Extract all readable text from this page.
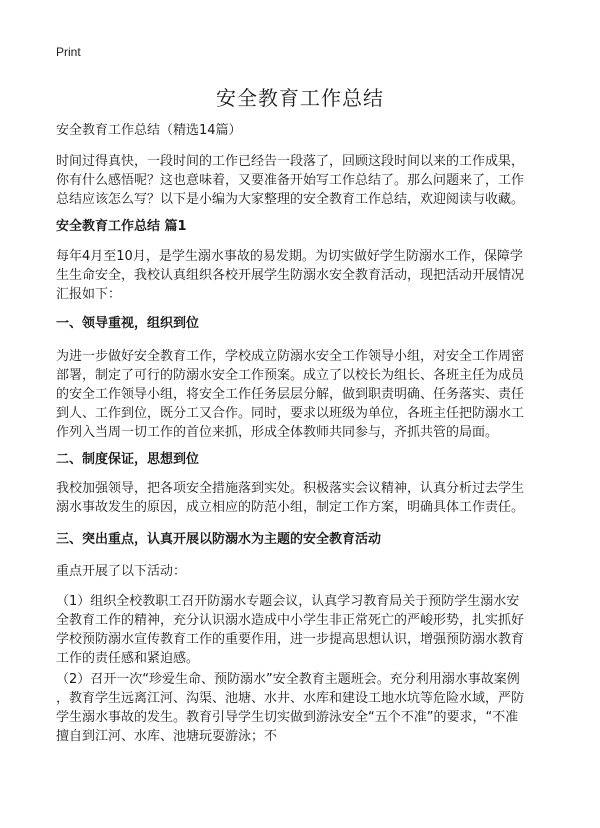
Print
安全教育工作总结

安全教育工作总结（精选14篇）

时间过得真快，一段时间的工作已经告一段落了，回顾这段时间以来的工作成果，

你有什么感悟呢？这也意味着，又要准备开始写工作总结了。那么问题来了，工作

总结应该怎么写？以下是小编为大家整理的安全教育工作总结，欢迎阅读与收藏。

安全教育工作总结 篇1

每年4月至10月，是学生溺水事故的易发期。为切实做好学生防溺水工作，保障学

生生命安全，我校认真组织各校开展学生防溺水安全教育活动，现把活动开展情况

汇报如下：

一、领导重视，组织到位

为进一步做好安全教育工作，学校成立防溺水安全工作领导小组，对安全工作周密

部署，制定了可行的防溺水安全工作预案。成立了以校长为组长、各班主任为成员

的安全工作领导小组，将安全工作任务层层分解，做到职责明确、任务落实、责任

到人、工作到位，既分工又合作。同时，要求以班级为单位，各班主任把防溺水工

作列入当周一切工作的首位来抓，形成全体教师共同参与，齐抓共管的局面。

二、制度保证，思想到位

我校加强领导，把各项安全措施落到实处。积极落实会议精神，认真分析过去学生

溺水事故发生的原因，成立相应的防范小组，制定工作方案，明确具体工作责任。

三、突出重点，认真开展以防溺水为主题的安全教育活动

重点开展了以下活动：

（1）组织全校教职工召开防溺水专题会议，认真学习教育局关于预防学生溺水安

全教育工作的精神，充分认识溺水造成中小学生非正常死亡的严峻形势，扎实抓好

学校预防溺水宣传教育工作的重要作用，进一步提高思想认识，增强预防溺水教育

工作的责任感和紧迫感。

（2）召开一次“珍爱生命、预防溺水”安全教育主题班会。充分利用溺水事故案例

，教育学生远离江河、沟渠、池塘、水井、水库和建设工地水坑等危险水域，严防

学生溺水事故的发生。教育引导学生切实做到游泳安全“五个不准”的要求，“不准

擅自到江河、水库、池塘玩耍游泳；不
